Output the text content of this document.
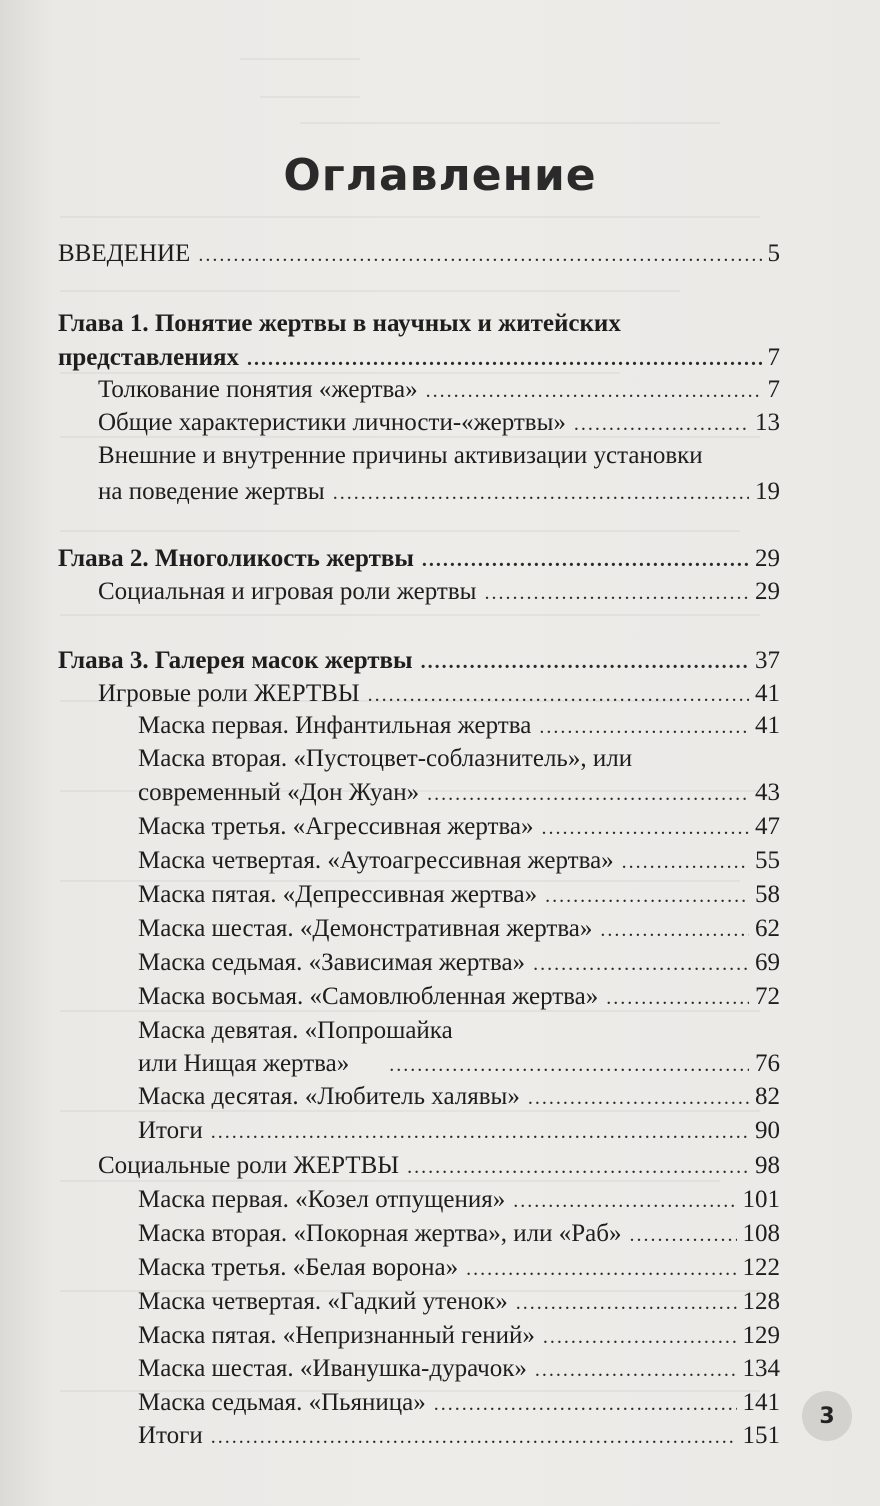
Оглавление
ВВЕДЕНИЕ .....	5
Глава 1. Понятие жертвы в научных и житейских
представлениях .....	7
Толкование понятия «жертва» .....	7
Общие характеристики личности-«жертвы» .....	13
Внешние и внутренние причины активизации установки
на поведение жертвы .....	19
Глава 2. Многоликость жертвы .....	29
Социальная и игровая роли жертвы .....	29
Глава 3. Галерея масок жертвы .....	37
Игровые роли ЖЕРТВЫ .....	41
Маска первая. Инфантильная жертва .....	41
Маска вторая. «Пустоцвет-соблазнитель», или
современный «Дон Жуан» .....	43
Маска третья. «Агрессивная жертва» .....	47
Маска четвертая. «Аутоагрессивная жертва» .....	55
Маска пятая. «Депрессивная жертва» .....	58
Маска шестая. «Демонстративная жертва» .....	62
Маска седьмая. «Зависимая жертва» .....	69
Маска восьмая. «Самовлюбленная жертва» .....	72
Маска девятая. «Попрошайка
или Нищая жертва» .....	76
Маска десятая. «Любитель халявы» .....	82
Итоги .....	90
Социальные роли ЖЕРТВЫ .....	98
Маска первая. «Козел отпущения» .....	101
Маска вторая. «Покорная жертва», или «Раб» .....	108
Маска третья. «Белая ворона» .....	122
Маска четвертая. «Гадкий утенок» .....	128
Маска пятая. «Непризнанный гений» .....	129
Маска шестая. «Иванушка-дурачок» .....	134
Маска седьмая. «Пьяница» .....	141
Итоги .....	151
3
